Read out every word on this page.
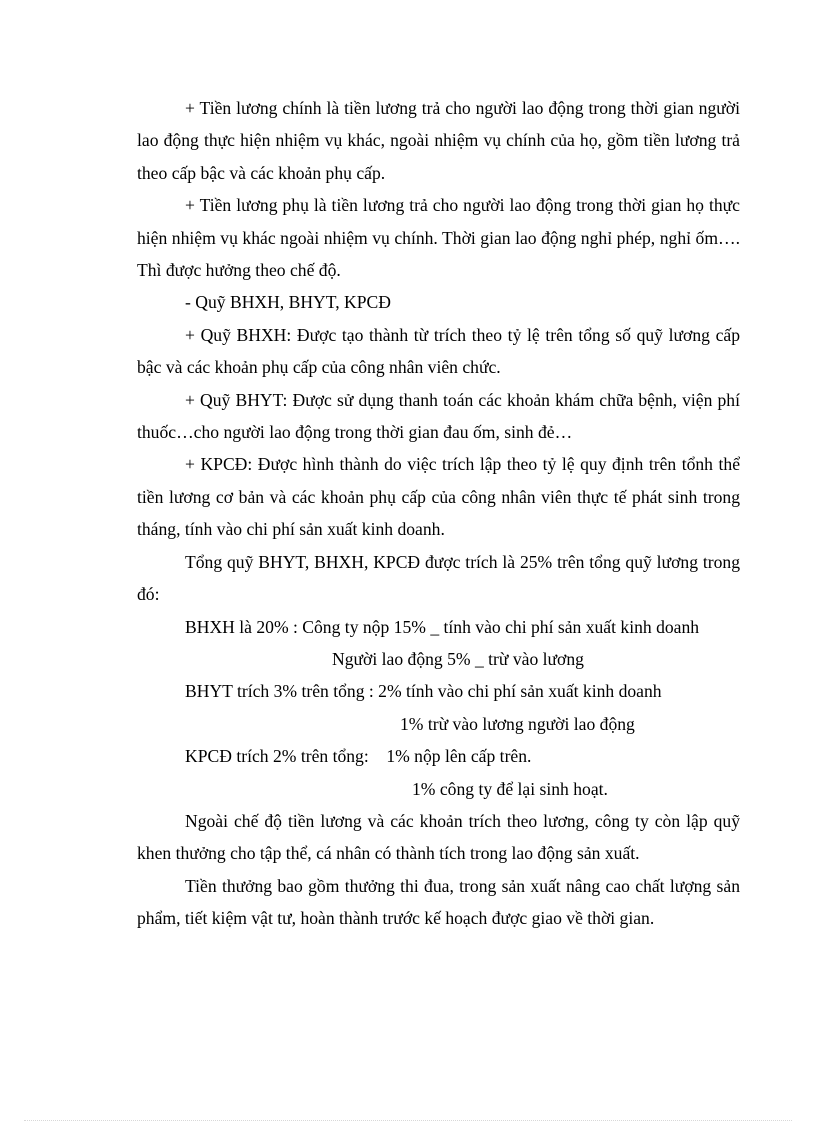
+ Tiền lương chính là tiền lương trả cho người lao động trong thời gian người lao động thực hiện nhiệm vụ khác, ngoài nhiệm vụ chính của họ, gồm tiền lương trả theo cấp bậc và các khoản phụ cấp.

+ Tiền lương phụ là tiền lương trả cho người lao động trong thời gian họ thực hiện nhiệm vụ khác ngoài nhiệm vụ chính. Thời gian lao động nghỉ phép, nghỉ ốm…. Thì được hưởng theo chế độ.

- Quỹ BHXH, BHYT, KPCĐ

+ Quỹ BHXH: Được tạo thành từ trích theo tỷ lệ trên tổng số quỹ lương cấp bậc và các khoản phụ cấp của công nhân viên chức.

+ Quỹ BHYT: Được sử dụng thanh toán các khoản khám chữa bệnh, viện phí thuốc…cho người lao động trong thời gian đau ốm, sinh đẻ…

+ KPCĐ: Được hình thành do việc trích lập theo tỷ lệ quy định trên tổnh thể tiền lương cơ bản và các khoản phụ cấp của công nhân viên thực tế phát sinh trong tháng, tính vào chi phí sản xuất kinh doanh.

Tổng quỹ BHYT, BHXH, KPCĐ được trích là 25% trên tổng quỹ lương trong đó:

BHXH là 20% : Công ty nộp 15% _ tính vào chi phí sản xuất kinh doanh

Người lao động 5% _ trừ vào lương

BHYT trích 3% trên tổng : 2% tính vào chi phí sản xuất kinh doanh

1% trừ vào lương người lao động

KPCĐ trích 2% trên tổng:    1% nộp lên cấp trên.

1% công ty để lại sinh hoạt.

Ngoài chế độ tiền lương và các khoản trích theo lương, công ty còn lập quỹ khen thưởng cho tập thể, cá nhân có thành tích trong lao động sản xuất.

Tiền thưởng bao gồm thưởng thi đua, trong sản xuất nâng cao chất lượng sản phẩm, tiết kiệm vật tư, hoàn thành trước kế hoạch được giao về thời gian.
